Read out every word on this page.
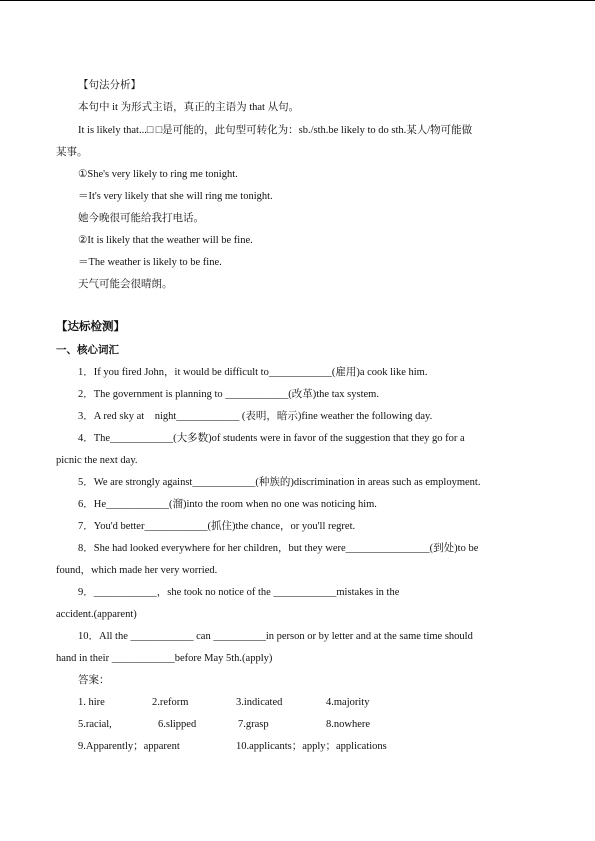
【句法分析】
本句中 it 为形式主语，真正的主语为 that 从句。
It is likely that...□ □是可能的，此句型可转化为：sb./sth.be likely to do sth.某人/物可能做
某事。
①She's very likely to ring me tonight.
＝It's very likely that she will ring me tonight.
她今晚很可能给我打电话。
②It is likely that the weather will be fine.
＝The weather is likely to be fine.
天气可能会很晴朗。
【达标检测】
一、核心词汇
1．If you fired John，it would be difficult to____________(雇用)a cook like him.
2．The government is planning to ____________(改革)the tax system.
3．A red sky at　night____________ (表明，暗示)fine weather the following day.
4．The____________(大多数)of students were in favor of the suggestion that they go for a
picnic the next day.
5．We are strongly against____________(种族的)discrimination in areas such as employment.
6．He____________(溜)into the room when no one was noticing him.
7．You'd better____________(抓住)the chance，or you'll regret.
8．She had looked everywhere for her children，but they were________________(到处)to be
found，which made her very worried.
9．____________，she took no notice of the ____________mistakes in the
accident.(apparent)
10．All the ____________ can __________in person or by letter and at the same time should
hand in their ____________before May 5th.(apply)
答案：
1. hire	2.reform	3.indicated	4.majority
5.racial,	6.slipped	7.grasp	8.nowhere
9.Apparently；apparent	10.applicants；apply；applications
